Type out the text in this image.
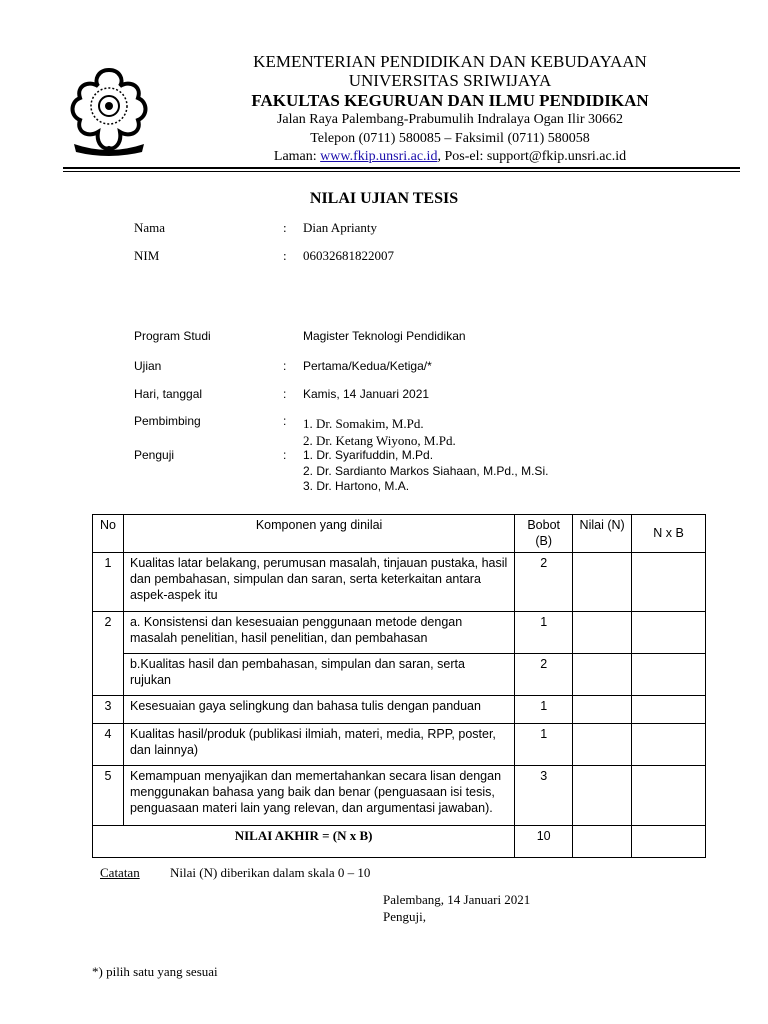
KEMENTERIAN PENDIDIKAN DAN KEBUDAYAAN
UNIVERSITAS SRIWIJAYA
FAKULTAS KEGURUAN DAN ILMU PENDIDIKAN
Jalan Raya Palembang-Prabumulih Indralaya Ogan Ilir 30662
Telepon (0711) 580085 – Faksimil (0711) 580058
Laman: www.fkip.unsri.ac.id, Pos-el: support@fkip.unsri.ac.id
NILAI UJIAN TESIS
Nama	: Dian Aprianty
NIM	: 06032681822007
Program Studi	Magister Teknologi Pendidikan
Ujian	: Pertama/Kedua/Ketiga/*
Hari, tanggal	: Kamis, 14 Januari 2021
Pembimbing	: 1. Dr. Somakim, M.Pd.
2. Dr. Ketang Wiyono, M.Pd.
Penguji	: 1. Dr. Syarifuddin, M.Pd.
2. Dr. Sardianto Markos Siahaan, M.Pd., M.Si.
3. Dr. Hartono, M.A.
No	Komponen yang dinilai	Bobot (B)	Nilai (N)	N x B
1	Kualitas latar belakang, perumusan masalah, tinjauan pustaka, hasil dan pembahasan, simpulan dan saran, serta keterkaitan antara aspek-aspek itu	2		
2	a. Konsistensi dan kesesuaian penggunaan metode dengan masalah penelitian, hasil penelitian, dan pembahasan	1		
	b.Kualitas hasil dan pembahasan, simpulan dan saran, serta rujukan	2		
3	Kesesuaian gaya selingkung dan bahasa tulis dengan panduan	1		
4	Kualitas hasil/produk (publikasi ilmiah, materi, media, RPP, poster, dan lainnya)	1		
5	Kemampuan menyajikan dan memertahankan secara lisan dengan menggunakan bahasa yang baik dan benar (penguasaan isi tesis, penguasaan materi lain yang relevan, dan argumentasi jawaban).	3		
NILAI AKHIR = (N x B)		10		
Catatan Nilai (N) diberikan dalam skala 0 – 10
Palembang, 14 Januari 2021
Penguji,
*) pilih satu yang sesuai
